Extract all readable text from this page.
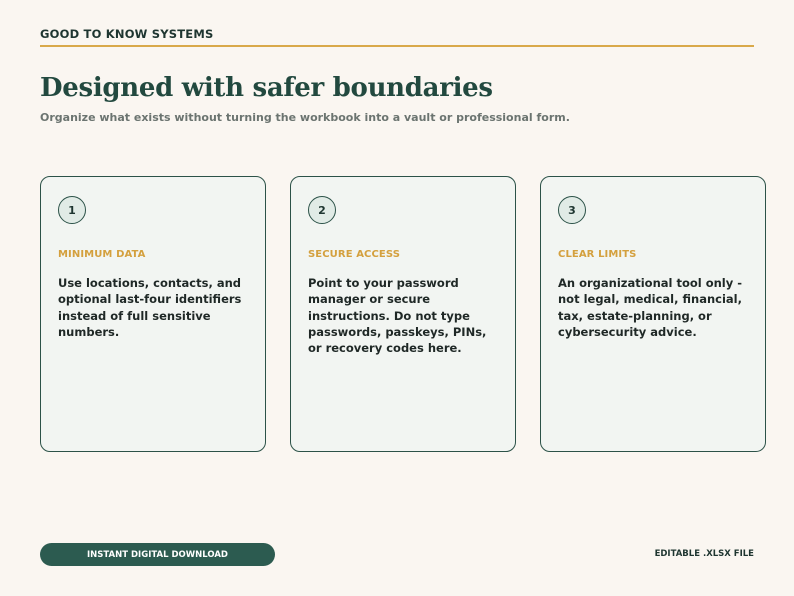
GOOD TO KNOW SYSTEMS
Designed with safer boundaries

Organize what exists without turning the workbook into a vault or professional form.

1
MINIMUM DATA

Use locations, contacts, and optional last-four identifiers instead of full sensitive numbers.

2
SECURE ACCESS

Point to your password manager or secure instructions. Do not type passwords, passkeys, PINs, or recovery codes here.

3
CLEAR LIMITS

An organizational tool only - not legal, medical, financial, tax, estate-planning, or cybersecurity advice.

INSTANT DIGITAL DOWNLOAD	EDITABLE .XLSX FILE
